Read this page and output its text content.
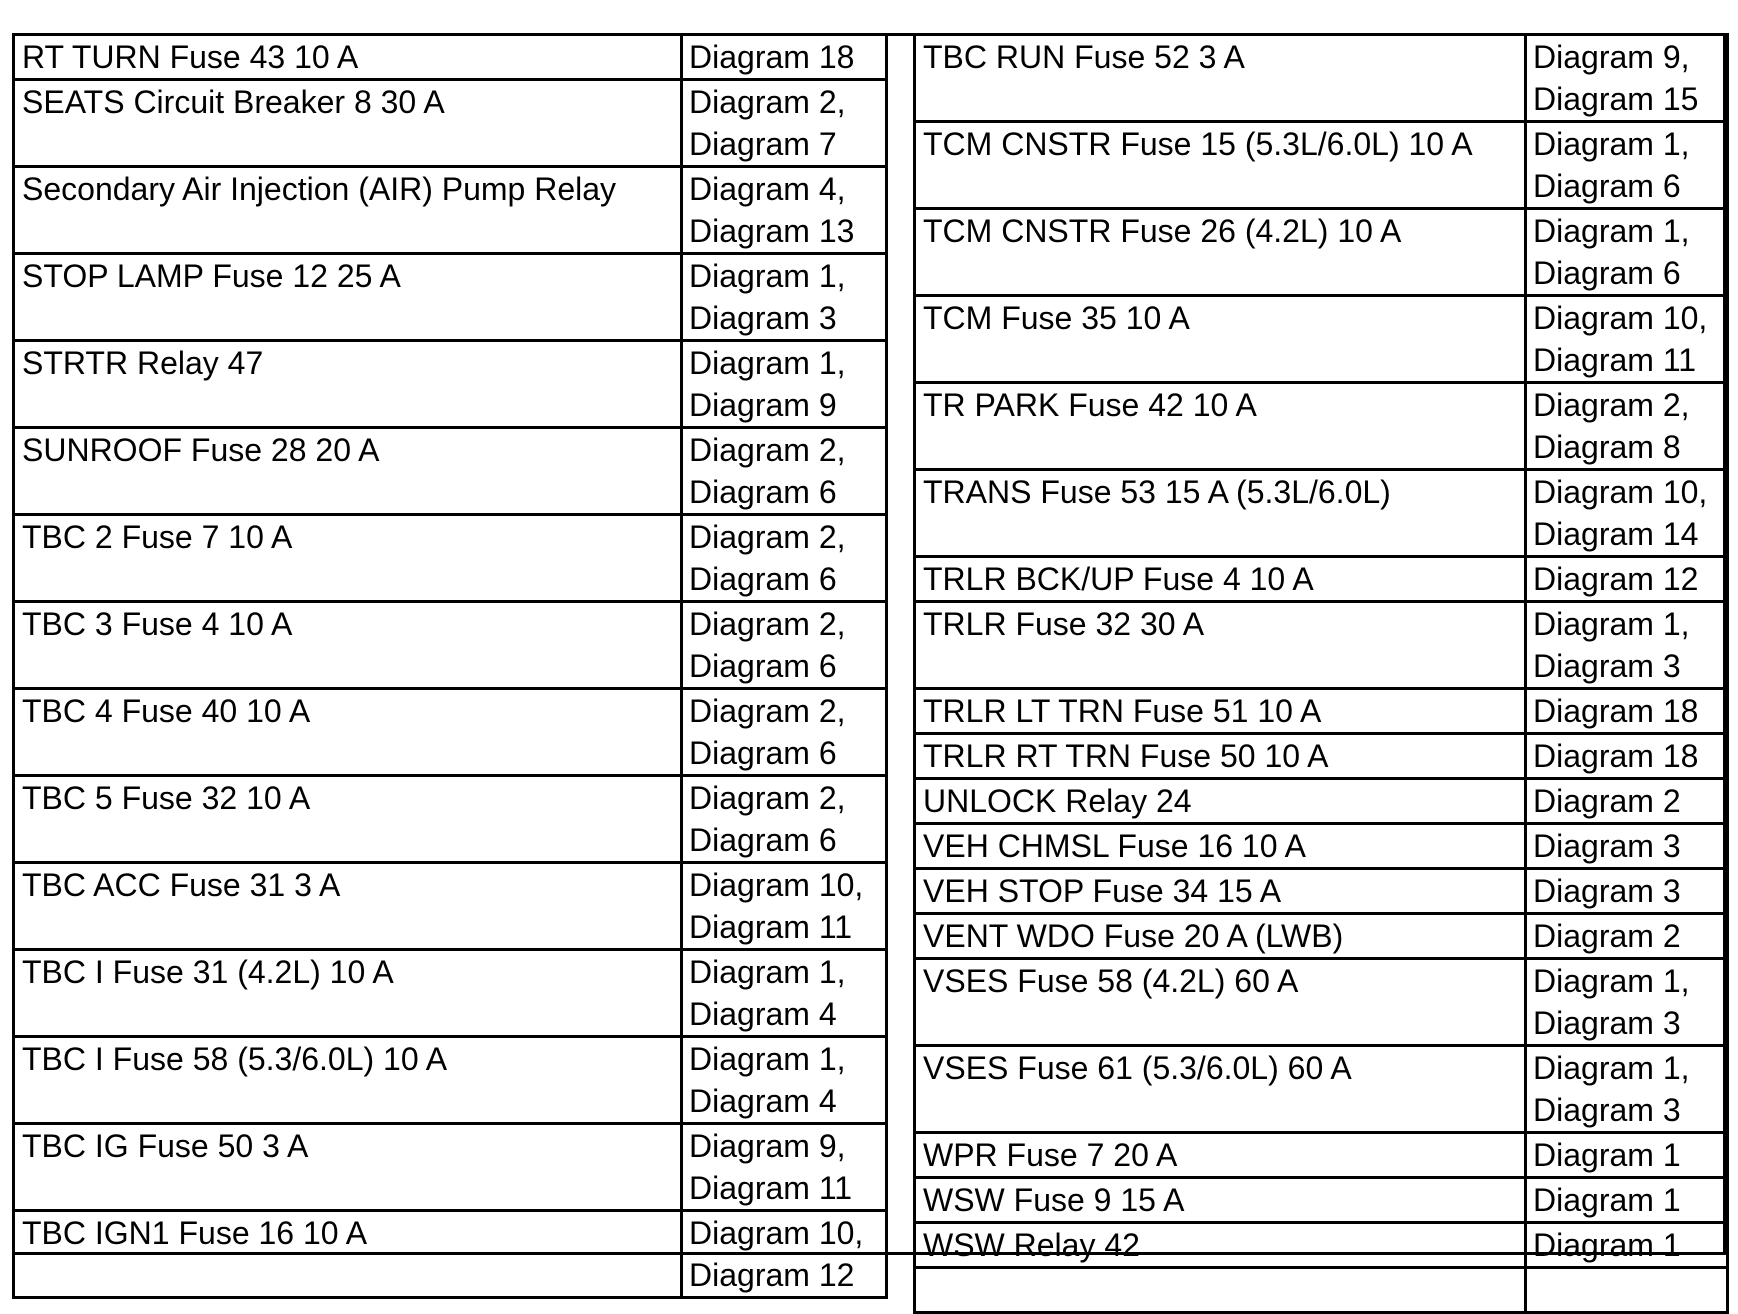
RT TURN Fuse 43 10 A	Diagram 18

SEATS Circuit Breaker 8 30 A	Diagram 2,
Diagram 7

Secondary Air Injection (AIR) Pump Relay	Diagram 4,
Diagram 13

STOP LAMP Fuse 12 25 A	Diagram 1,
Diagram 3

STRTR Relay 47	Diagram 1,
Diagram 9

SUNROOF Fuse 28 20 A	Diagram 2,
Diagram 6

TBC 2 Fuse 7 10 A	Diagram 2,
Diagram 6

TBC 3 Fuse 4 10 A	Diagram 2,
Diagram 6

TBC 4 Fuse 40 10 A	Diagram 2,
Diagram 6

TBC 5 Fuse 32 10 A	Diagram 2,
Diagram 6

TBC ACC Fuse 31 3 A	Diagram 10,
Diagram 11

TBC I Fuse 31 (4.2L) 10 A	Diagram 1,
Diagram 4

TBC I Fuse 58 (5.3/6.0L) 10 A	Diagram 1,
Diagram 4

TBC IG Fuse 50 3 A	Diagram 9,
Diagram 11

TBC IGN1 Fuse 16 10 A	Diagram 10,
Diagram 12
TBC RUN Fuse 52 3 A	Diagram 9,
Diagram 15

TCM CNSTR Fuse 15 (5.3L/6.0L) 10 A	Diagram 1,
Diagram 6

TCM CNSTR Fuse 26 (4.2L) 10 A	Diagram 1,
Diagram 6

TCM Fuse 35 10 A	Diagram 10,
Diagram 11

TR PARK Fuse 42 10 A	Diagram 2,
Diagram 8

TRANS Fuse 53 15 A (5.3L/6.0L)	Diagram 10,
Diagram 14

TRLR BCK/UP Fuse 4 10 A	Diagram 12

TRLR Fuse 32 30 A	Diagram 1,
Diagram 3

TRLR LT TRN Fuse 51 10 A	Diagram 18

TRLR RT TRN Fuse 50 10 A	Diagram 18

UNLOCK Relay 24	Diagram 2

VEH CHMSL Fuse 16 10 A	Diagram 3

VEH STOP Fuse 34 15 A	Diagram 3

VENT WDO Fuse 20 A (LWB)	Diagram 2

VSES Fuse 58 (4.2L) 60 A	Diagram 1,
Diagram 3

VSES Fuse 61 (5.3/6.0L) 60 A	Diagram 1,
Diagram 3

WPR Fuse 7 20 A	Diagram 1

WSW Fuse 9 15 A	Diagram 1

WSW Relay 42	Diagram 1
